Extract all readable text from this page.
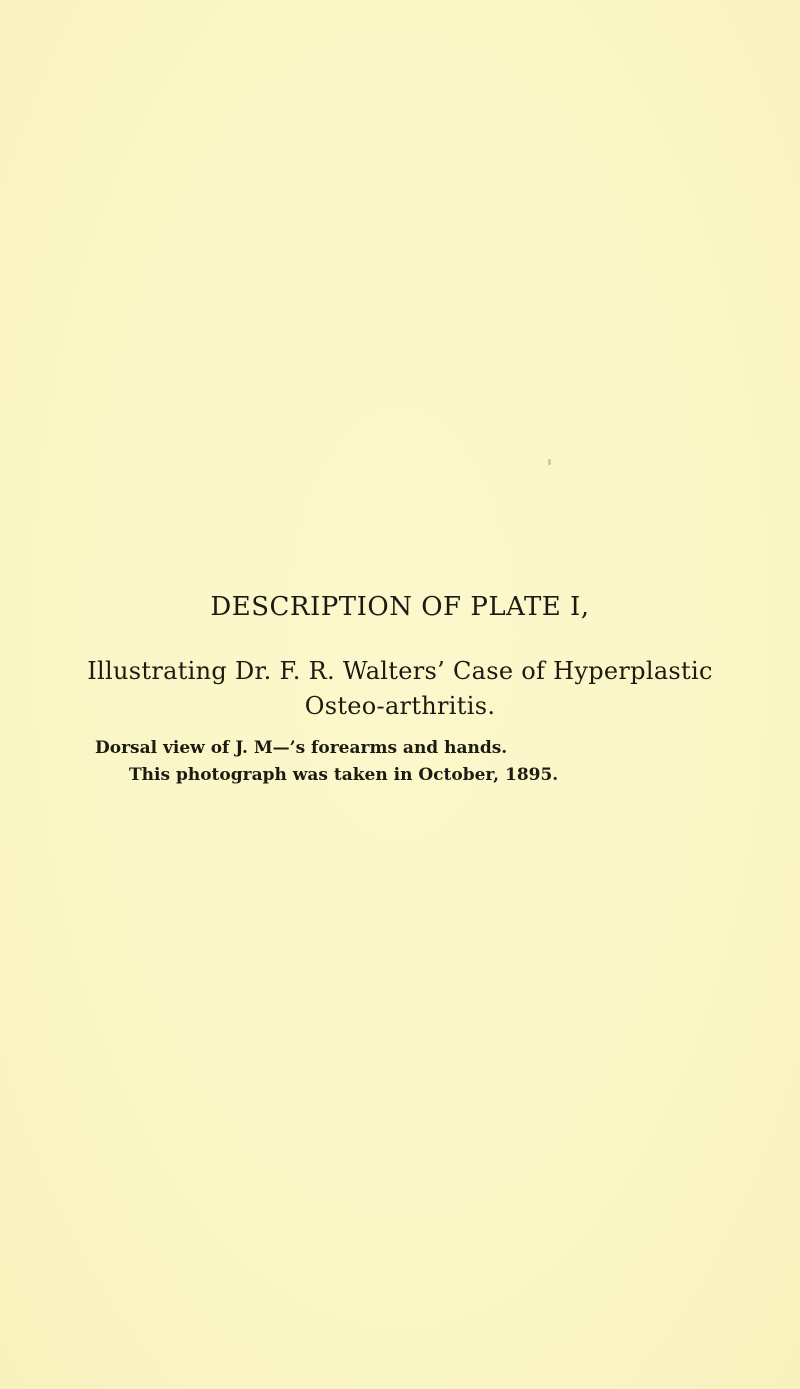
DESCRIPTION OF PLATE I,
Illustrating Dr. F. R. Walters’ Case of Hyperplastic
Osteo-arthritis.
Dorsal view of J. M—’s forearms and hands.
This photograph was taken in October, 1895.
